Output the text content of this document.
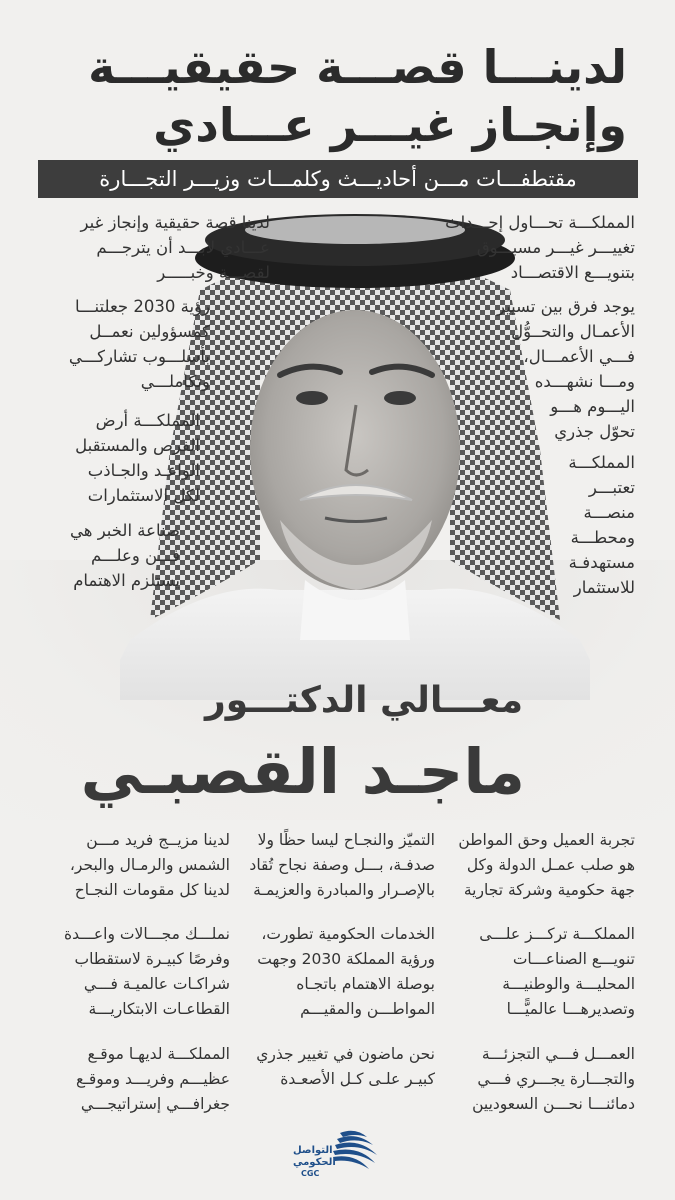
لدينـــا قصـــة حقيقيـــة
وإنجـاز غيـــر عـــادي
مقتطفـــات مـــن أحاديـــث وكلمـــات وزيـــر التجـــارة
المملكـــة تحـــاول إحـــداث
تغييـــر غيـــر مسبـــوق
بتنويـــع الاقتصـــاد
يوجد فرق بين تسيير
الأعمـال والتحــوُّل
فـــي الأعمـــال،
ومـــا نشهـــده
اليـــوم هـــو
تحوّل جذري
المملكـــة
تعتبـــر
منصـــة
ومحطـــة
مستهدفـة
للاستثمار
لدينا قصة حقيقية وإنجاز غير
عـــادي لابـــد أن يترجـــم
لقصـــة وخبـــــر
رؤية 2030 جعلتنـــا
كمسؤولين نعمــل
بأسلـــوب تشاركـــي
وتكاملـــي
المملكـــة أرض
الفرص والمستقبل
الواعـد والجـاذب
لكل الاستثمارات
صناعة الخبر هي
فـــن وعلـــم
يستلزم الاهتمام
معـــالي الدكتـــور
ماجـد القصبـي
تجربة العميل وحق المواطن
هو صلب عمـل الدولة وكل
جهة حكومية وشركة تجارية
المملكـــة تركـــز علـــى
تنويـــع الصناعـــات
المحليـــة والوطنيـــة
وتصديرهـــا عالميًّـــا
العمـــل فـــي التجزئـــة
والتجـــارة يجـــري فـــي
دمائنـــا نحـــن السعوديين
التميّز والنجـاح ليسا حظًا ولا
صدفـة، بـــل وصفة نجاح تُقاد
بالإصـرار والمبادرة والعزيمـة
الخدمات الحكومية تطورت،
ورؤية المملكة 2030 وجهت
بوصلة الاهتمام باتجـاه
المواطـــن والمقيـــم
نحن ماضون في تغيير جذري
كبيـر علـى كـل الأصعـدة
لدينا مزيــج فريد مـــن
الشمس والرمـال والبحر،
لدينا كل مقومات النجـاح
نملـــك مجـــالات واعـــدة
وفرصًا كبيـرة لاستقطاب
شراكـات عالميـة فـــي
القطاعـات الابتكاريـــة
المملكـــة لديهـا موقـع
عظيـــم وفريـــد وموقـع
جغرافـــي إستراتيجـــي
التواصل
الحكومي
CGC
